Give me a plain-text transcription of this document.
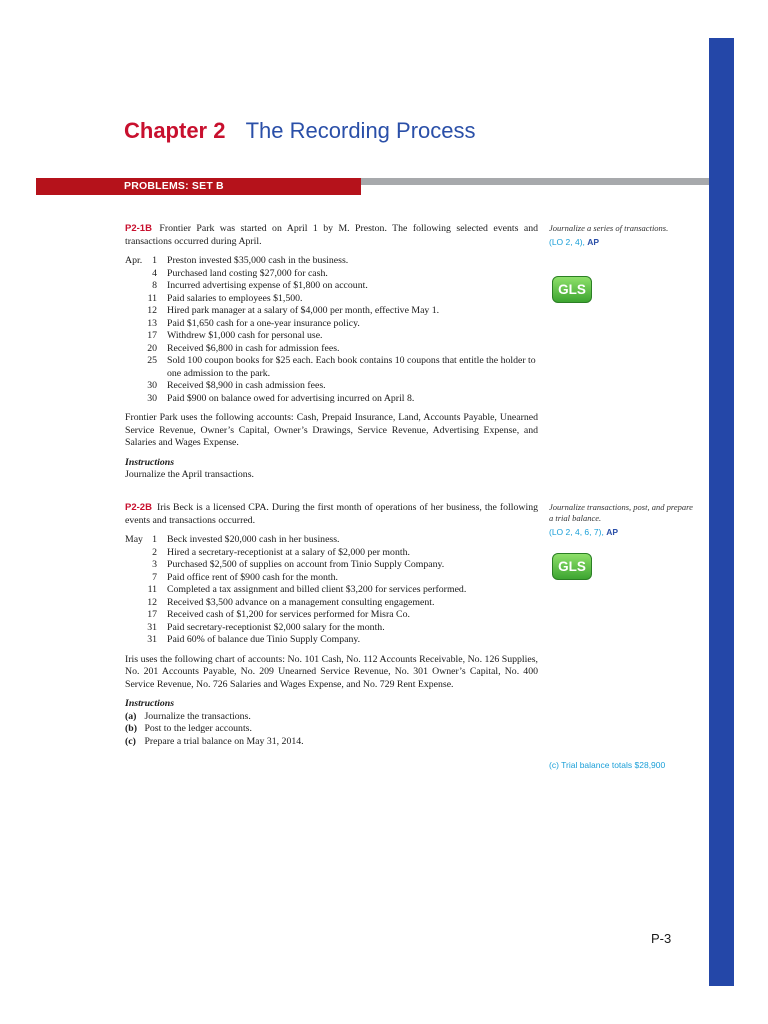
Chapter 2 The Recording Process
PROBLEMS: SET B
P2-1B Frontier Park was started on April 1 by M. Preston. The following selected events and transactions occurred during April.
Apr.	1	Preston invested $35,000 cash in the business.
4	Purchased land costing $27,000 for cash.
8	Incurred advertising expense of $1,800 on account.
11	Paid salaries to employees $1,500.
12	Hired park manager at a salary of $4,000 per month, effective May 1.
13	Paid $1,650 cash for a one-year insurance policy.
17	Withdrew $1,000 cash for personal use.
20	Received $6,800 in cash for admission fees.
25	Sold 100 coupon books for $25 each. Each book contains 10 coupons that entitle the holder to one admission to the park.
30	Received $8,900 in cash admission fees.
30	Paid $900 on balance owed for advertising incurred on April 8.
Frontier Park uses the following accounts: Cash, Prepaid Insurance, Land, Accounts Payable, Unearned Service Revenue, Owner’s Capital, Owner’s Drawings, Service Revenue, Advertising Expense, and Salaries and Wages Expense.
Instructions
Journalize the April transactions.
P2-2B Iris Beck is a licensed CPA. During the first month of operations of her business, the following events and transactions occurred.
May 1	Beck invested $20,000 cash in her business.
2	Hired a secretary-receptionist at a salary of $2,000 per month.
3	Purchased $2,500 of supplies on account from Tinio Supply Company.
7	Paid office rent of $900 cash for the month.
11	Completed a tax assignment and billed client $3,200 for services performed.
12	Received $3,500 advance on a management consulting engagement.
17	Received cash of $1,200 for services performed for Misra Co.
31	Paid secretary-receptionist $2,000 salary for the month.
31	Paid 60% of balance due Tinio Supply Company.
Iris uses the following chart of accounts: No. 101 Cash, No. 112 Accounts Receivable, No. 126 Supplies, No. 201 Accounts Payable, No. 209 Unearned Service Revenue, No. 301 Owner’s Capital, No. 400 Service Revenue, No. 726 Salaries and Wages Expense, and No. 729 Rent Expense.
Instructions
(a) Journalize the transactions.
(b) Post to the ledger accounts.
(c) Prepare a trial balance on May 31, 2014.
Journalize a series of transactions.
(LO 2, 4), AP
GLS
Journalize transactions, post, and prepare a trial balance.
(LO 2, 4, 6, 7), AP
GLS
(c) Trial balance totals $28,900
P-3
